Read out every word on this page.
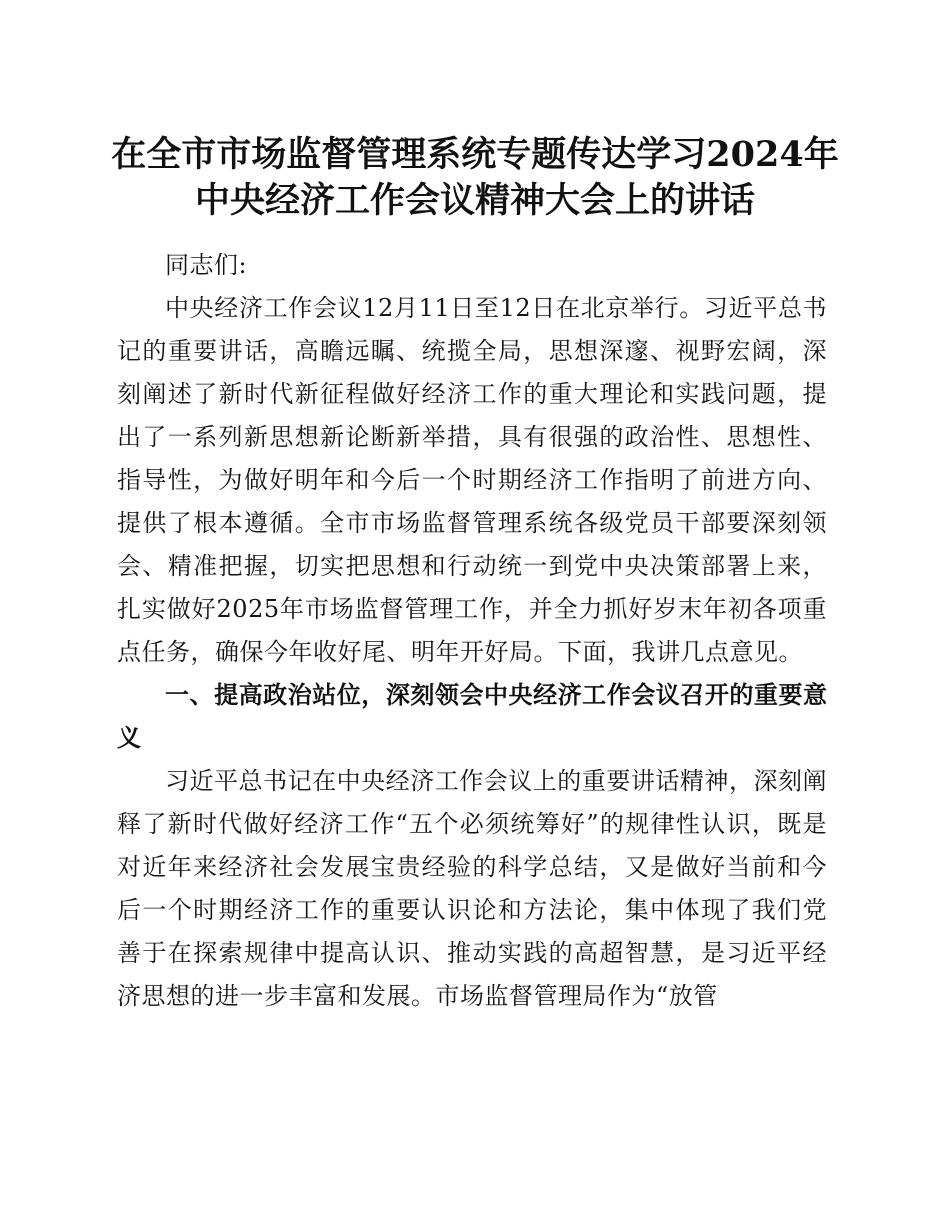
在全市市场监督管理系统专题传达学习2024年中央经济工作会议精神大会上的讲话

同志们:

中央经济工作会议12月11日至12日在北京举行。习近平总书记的重要讲话，高瞻远瞩、统揽全局，思想深邃、视野宏阔，深刻阐述了新时代新征程做好经济工作的重大理论和实践问题，提出了一系列新思想新论断新举措，具有很强的政治性、思想性、指导性，为做好明年和今后一个时期经济工作指明了前进方向、提供了根本遵循。全市市场监督管理系统各级党员干部要深刻领会、精准把握，切实把思想和行动统一到党中央决策部署上来，扎实做好2025年市场监督管理工作，并全力抓好岁末年初各项重点任务，确保今年收好尾、明年开好局。下面，我讲几点意见。

一、提高政治站位，深刻领会中央经济工作会议召开的重要意义

习近平总书记在中央经济工作会议上的重要讲话精神，深刻阐释了新时代做好经济工作“五个必须统筹好”的规律性认识，既是对近年来经济社会发展宝贵经验的科学总结，又是做好当前和今后一个时期经济工作的重要认识论和方法论，集中体现了我们党善于在探索规律中提高认识、推动实践的高超智慧，是习近平经济思想的进一步丰富和发展。市场监督管理局作为“放管
